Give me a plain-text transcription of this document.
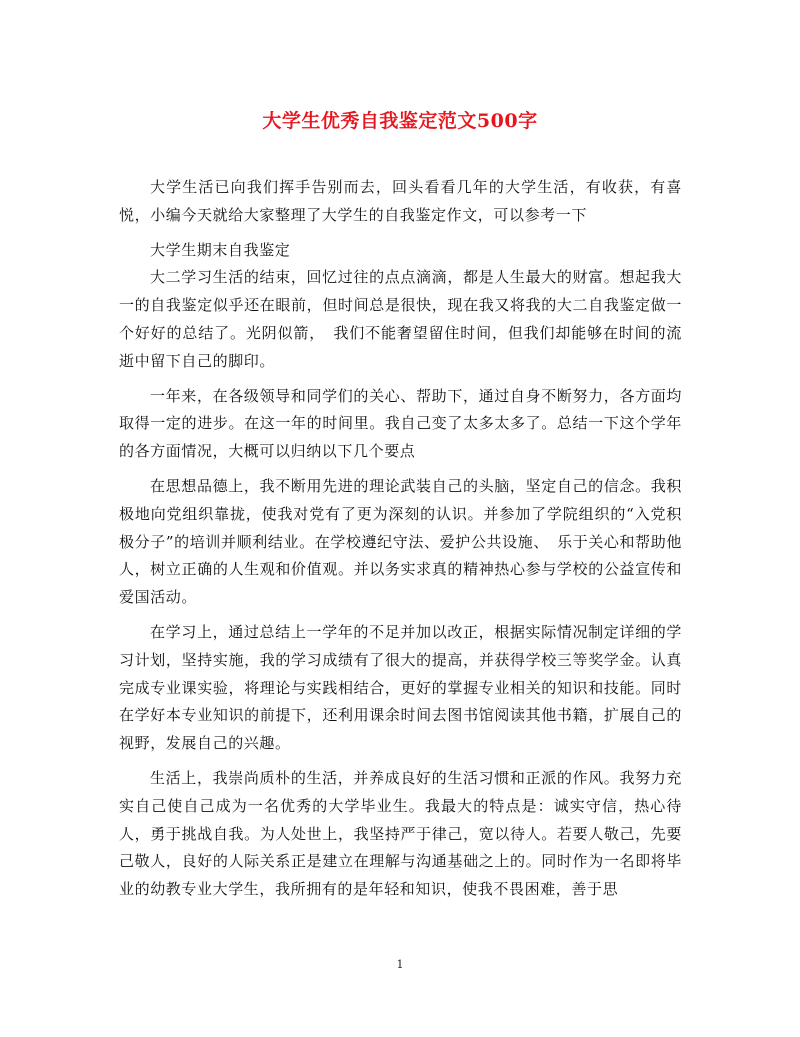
大学生优秀自我鉴定范文500字

大学生活已向我们挥手告别而去，回头看看几年的大学生活，有收获，有喜悦，小编今天就给大家整理了大学生的自我鉴定作文，可以参考一下

大学生期末自我鉴定

大二学习生活的结束，回忆过往的点点滴滴，都是人生最大的财富。想起我大一的自我鉴定似乎还在眼前，但时间总是很快，现在我又将我的大二自我鉴定做一个好好的总结了。光阴似箭，　我们不能奢望留住时间，但我们却能够在时间的流逝中留下自己的脚印。

一年来，在各级领导和同学们的关心、帮助下，通过自身不断努力，各方面均取得一定的进步。在这一年的时间里。我自己变了太多太多了。总结一下这个学年的各方面情况，大概可以归纳以下几个要点

在思想品德上，我不断用先进的理论武装自己的头脑，坚定自己的信念。我积极地向党组织靠拢，使我对党有了更为深刻的认识。并参加了学院组织的“入党积极分子”的培训并顺利结业。在学校遵纪守法、爱护公共设施、　乐于关心和帮助他人，树立正确的人生观和价值观。并以务实求真的精神热心参与学校的公益宣传和爱国活动。

在学习上，通过总结上一学年的不足并加以改正，根据实际情况制定详细的学习计划，坚持实施，我的学习成绩有了很大的提高，并获得学校三等奖学金。认真完成专业课实验，将理论与实践相结合，更好的掌握专业相关的知识和技能。同时在学好本专业知识的前提下，还利用课余时间去图书馆阅读其他书籍，扩展自己的视野，发展自己的兴趣。

生活上，我崇尚质朴的生活，并养成良好的生活习惯和正派的作风。我努力充实自己使自己成为一名优秀的大学毕业生。我最大的特点是：诚实守信，热心待人，勇于挑战自我。为人处世上，我坚持严于律己，宽以待人。若要人敬己，先要己敬人，良好的人际关系正是建立在理解与沟通基础之上的。同时作为一名即将毕业的幼教专业大学生，我所拥有的是年轻和知识，使我不畏困难，善于思

1
